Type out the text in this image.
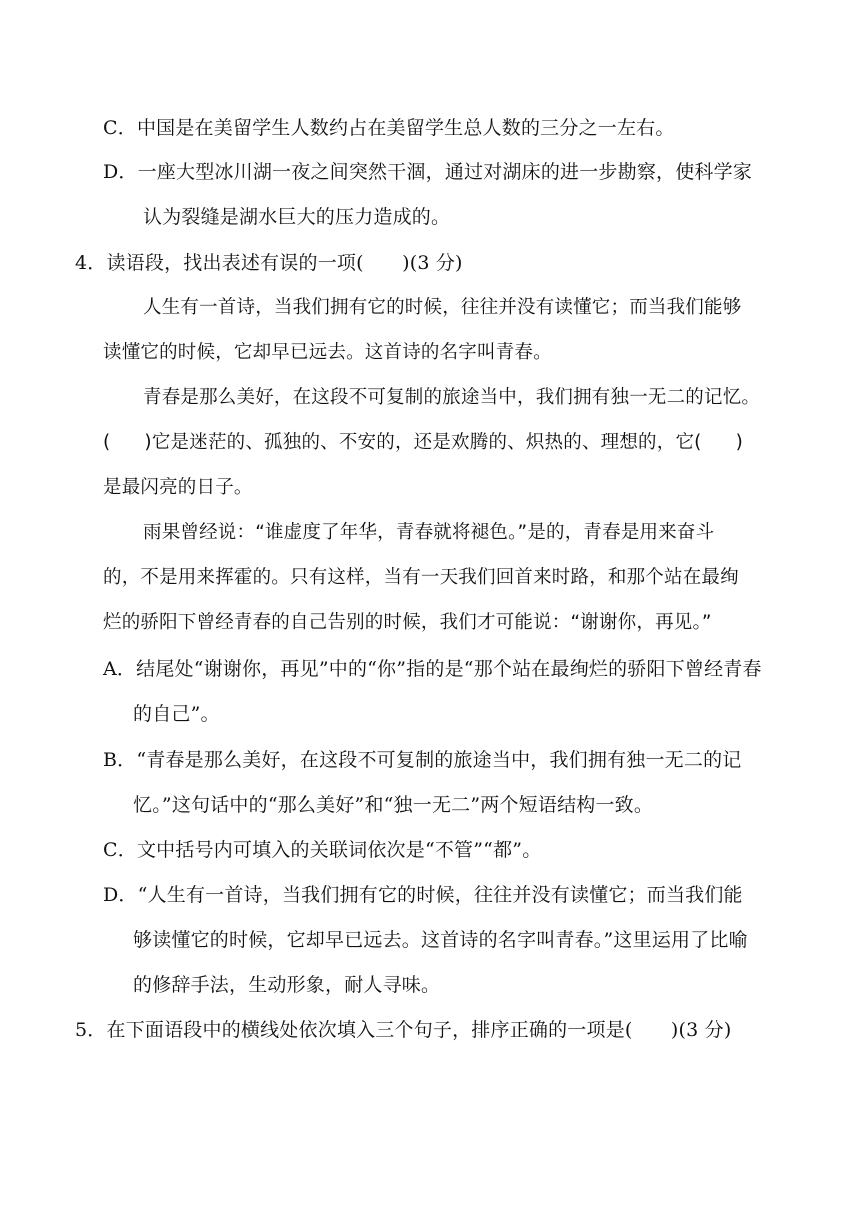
C．中国是在美留学生人数约占在美留学生总人数的三分之一左右。
D．一座大型冰川湖一夜之间突然干涸，通过对湖床的进一步勘察，使科学家
认为裂缝是湖水巨大的压力造成的。
4．读语段，找出表述有误的一项(　　)(3 分)
人生有一首诗，当我们拥有它的时候，往往并没有读懂它；而当我们能够
读懂它的时候，它却早已远去。这首诗的名字叫青春。
青春是那么美好，在这段不可复制的旅途当中，我们拥有独一无二的记忆。
( )它是迷茫的、孤独的、不安的，还是欢腾的、炽热的、理想的，它( )
是最闪亮的日子。
雨果曾经说：“谁虚度了年华，青春就将褪色。”是的，青春是用来奋斗
的，不是用来挥霍的。只有这样，当有一天我们回首来时路，和那个站在最绚
烂的骄阳下曾经青春的自己告别的时候，我们才可能说：“谢谢你，再见。”
A．结尾处“谢谢你，再见”中的“你”指的是“那个站在最绚烂的骄阳下曾经青春
的自己”。
B．“青春是那么美好，在这段不可复制的旅途当中，我们拥有独一无二的记
忆。”这句话中的“那么美好”和“独一无二”两个短语结构一致。
C．文中括号内可填入的关联词依次是“不管”“都”。
D．“人生有一首诗，当我们拥有它的时候，往往并没有读懂它；而当我们能
够读懂它的时候，它却早已远去。这首诗的名字叫青春。”这里运用了比喻
的修辞手法，生动形象，耐人寻味。
5．在下面语段中的横线处依次填入三个句子，排序正确的一项是(　　)(3 分)
